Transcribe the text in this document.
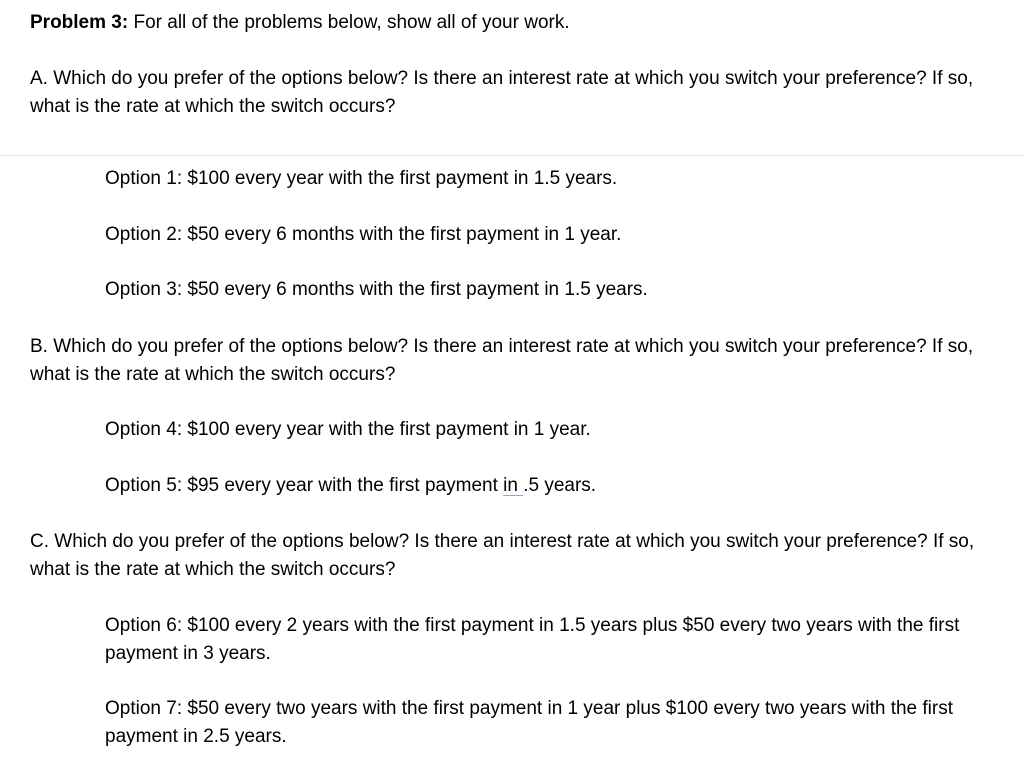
Problem 3: For all of the problems below, show all of your work.
A. Which do you prefer of the options below? Is there an interest rate at which you switch your preference? If so, what is the rate at which the switch occurs?
Option 1: $100 every year with the first payment in 1.5 years.
Option 2: $50 every 6 months with the first payment in 1 year.
Option 3: $50 every 6 months with the first payment in 1.5 years.
B. Which do you prefer of the options below? Is there an interest rate at which you switch your preference? If so, what is the rate at which the switch occurs?
Option 4: $100 every year with the first payment in 1 year.
Option 5: $95 every year with the first payment in .5 years.
C. Which do you prefer of the options below? Is there an interest rate at which you switch your preference? If so, what is the rate at which the switch occurs?
Option 6: $100 every 2 years with the first payment in 1.5 years plus $50 every two years with the first payment in 3 years.
Option 7: $50 every two years with the first payment in 1 year plus $100 every two years with the first payment in 2.5 years.
